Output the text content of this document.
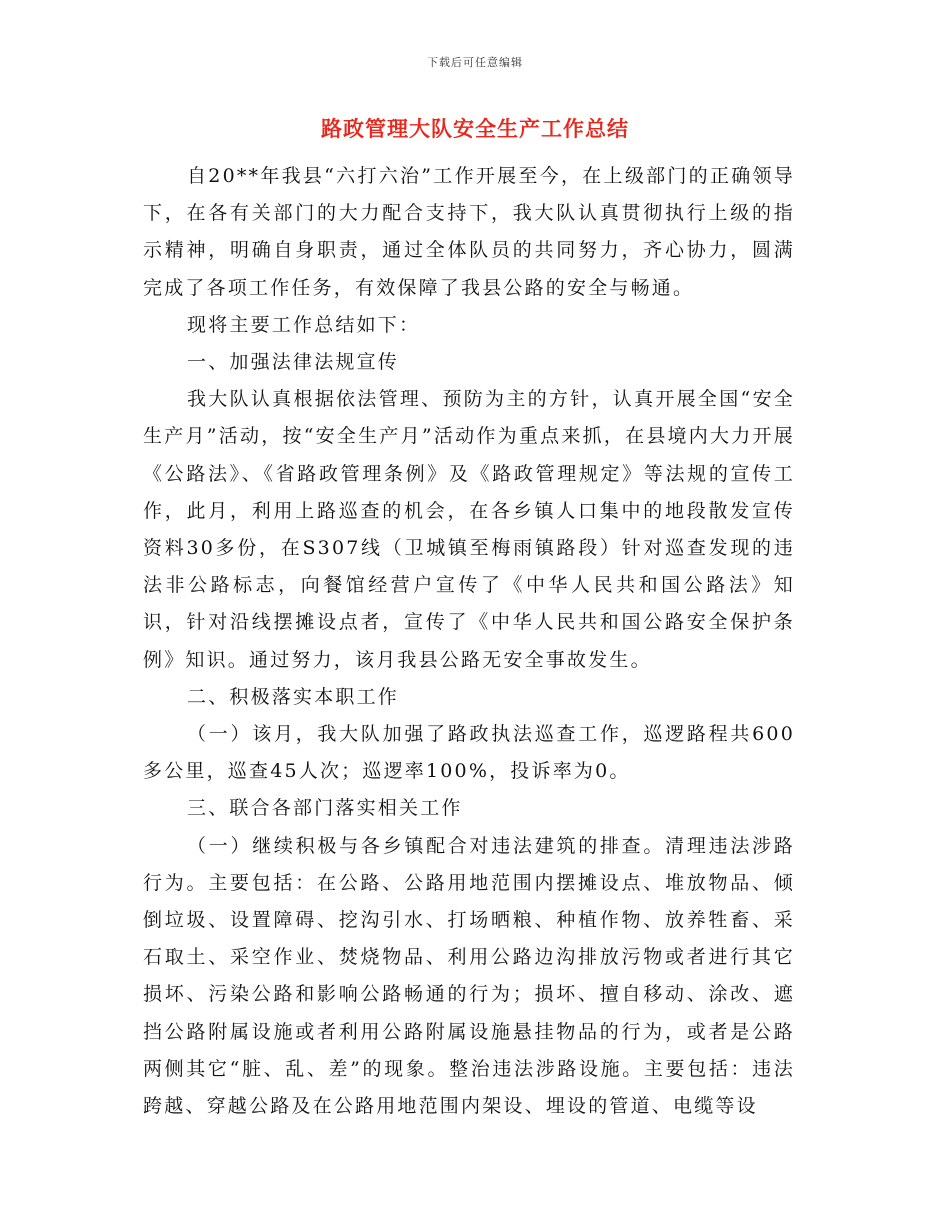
下载后可任意编辑
路政管理大队安全生产工作总结

自20**年我县“六打六治”工作开展至今，在上级部门的正确领导下，在各有关部门的大力配合支持下，我大队认真贯彻执行上级的指示精神，明确自身职责，通过全体队员的共同努力，齐心协力，圆满完成了各项工作任务，有效保障了我县公路的安全与畅通。

现将主要工作总结如下：

一、加强法律法规宣传

我大队认真根据依法管理、预防为主的方针，认真开展全国“安全生产月”活动，按“安全生产月”活动作为重点来抓，在县境内大力开展《公路法》、《省路政管理条例》及《路政管理规定》等法规的宣传工作，此月，利用上路巡查的机会，在各乡镇人口集中的地段散发宣传资料30多份，在S307线（卫城镇至梅雨镇路段）针对巡查发现的违法非公路标志，向餐馆经营户宣传了《中华人民共和国公路法》知识，针对沿线摆摊设点者，宣传了《中华人民共和国公路安全保护条例》知识。通过努力，该月我县公路无安全事故发生。

二、积极落实本职工作

（一）该月，我大队加强了路政执法巡查工作，巡逻路程共600多公里，巡查45人次；巡逻率100%，投诉率为0。

三、联合各部门落实相关工作

（一）继续积极与各乡镇配合对违法建筑的排查。清理违法涉路行为。主要包括：在公路、公路用地范围内摆摊设点、堆放物品、倾倒垃圾、设置障碍、挖沟引水、打场晒粮、种植作物、放养牲畜、采石取土、采空作业、焚烧物品、利用公路边沟排放污物或者进行其它损坏、污染公路和影响公路畅通的行为；损坏、擅自移动、涂改、遮挡公路附属设施或者利用公路附属设施悬挂物品的行为，或者是公路两侧其它“脏、乱、差”的现象。整治违法涉路设施。主要包括：违法跨越、穿越公路及在公路用地范围内架设、埋设的管道、电缆等设
